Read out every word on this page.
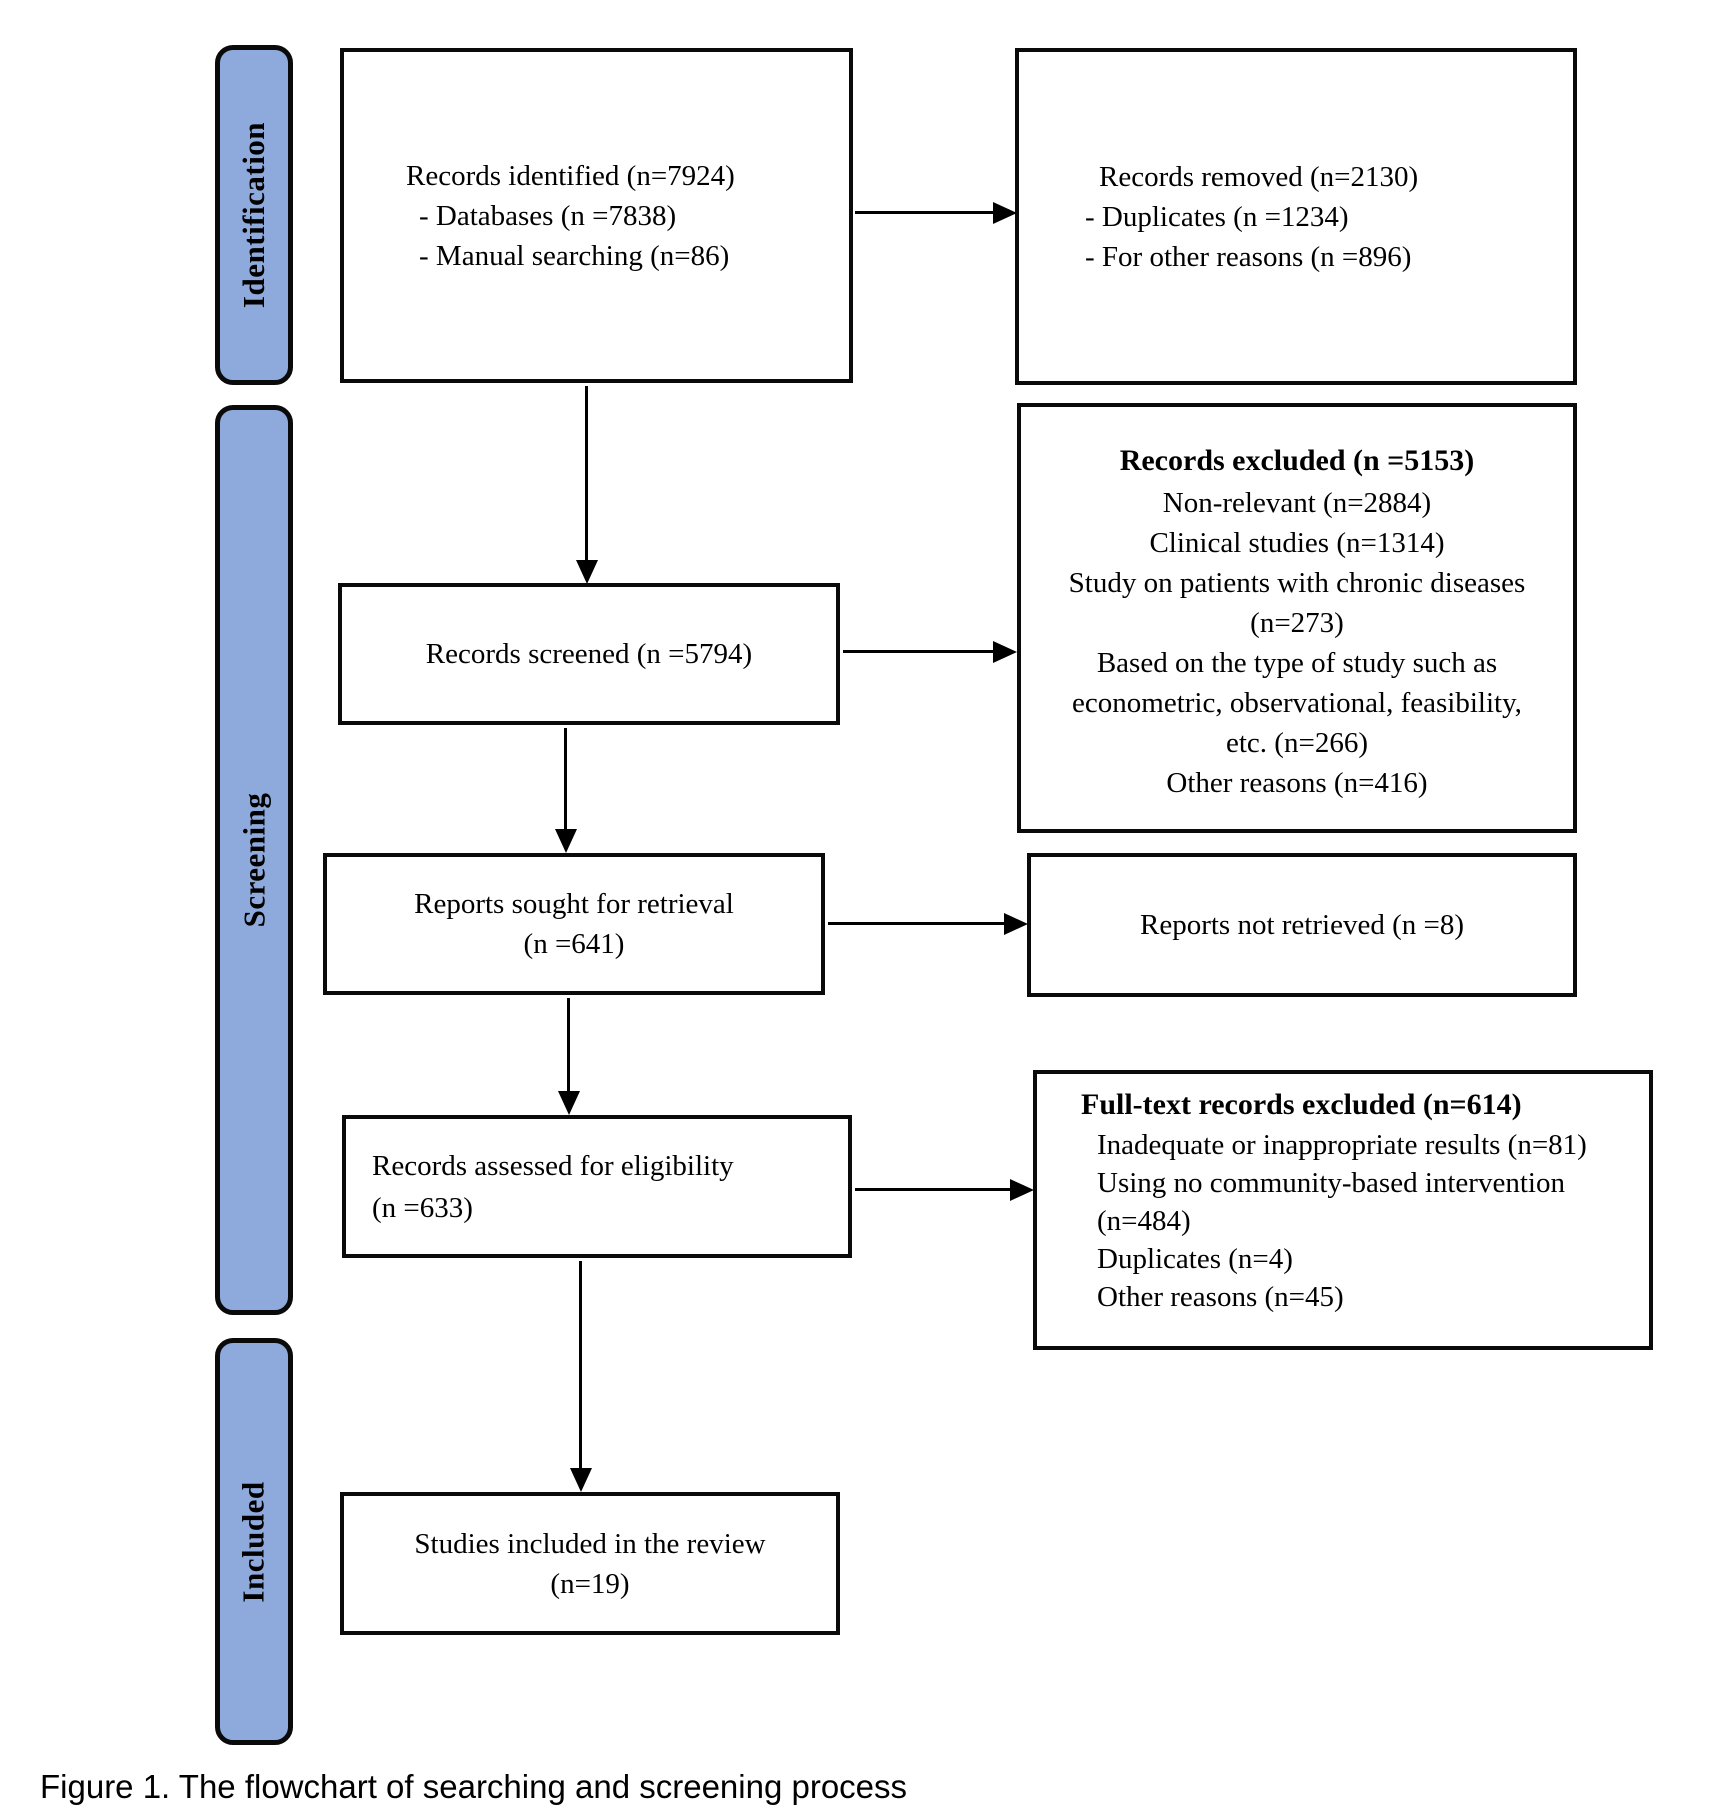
Identification
Screening
Included
Records identified (n=7924)
- Databases (n =7838)
- Manual searching (n=86)
Records removed (n=2130)
- Duplicates (n =1234)
- For other reasons (n =896)
Records screened (n =5794)
Records excluded (n =5153)
Non-relevant (n=2884)
Clinical studies (n=1314)
Study on patients with chronic diseases (n=273)
Based on the type of study such as econometric, observational, feasibility, etc. (n=266)
Other reasons (n=416)
Reports sought for retrieval
(n =641)
Reports not retrieved (n =8)
Records assessed for eligibility
(n =633)
Full-text records excluded (n=614)
Inadequate or inappropriate results (n=81)
Using no community-based intervention (n=484)
Duplicates (n=4)
Other reasons (n=45)
Studies included in the review
(n=19)
Figure 1. The flowchart of searching and screening process
